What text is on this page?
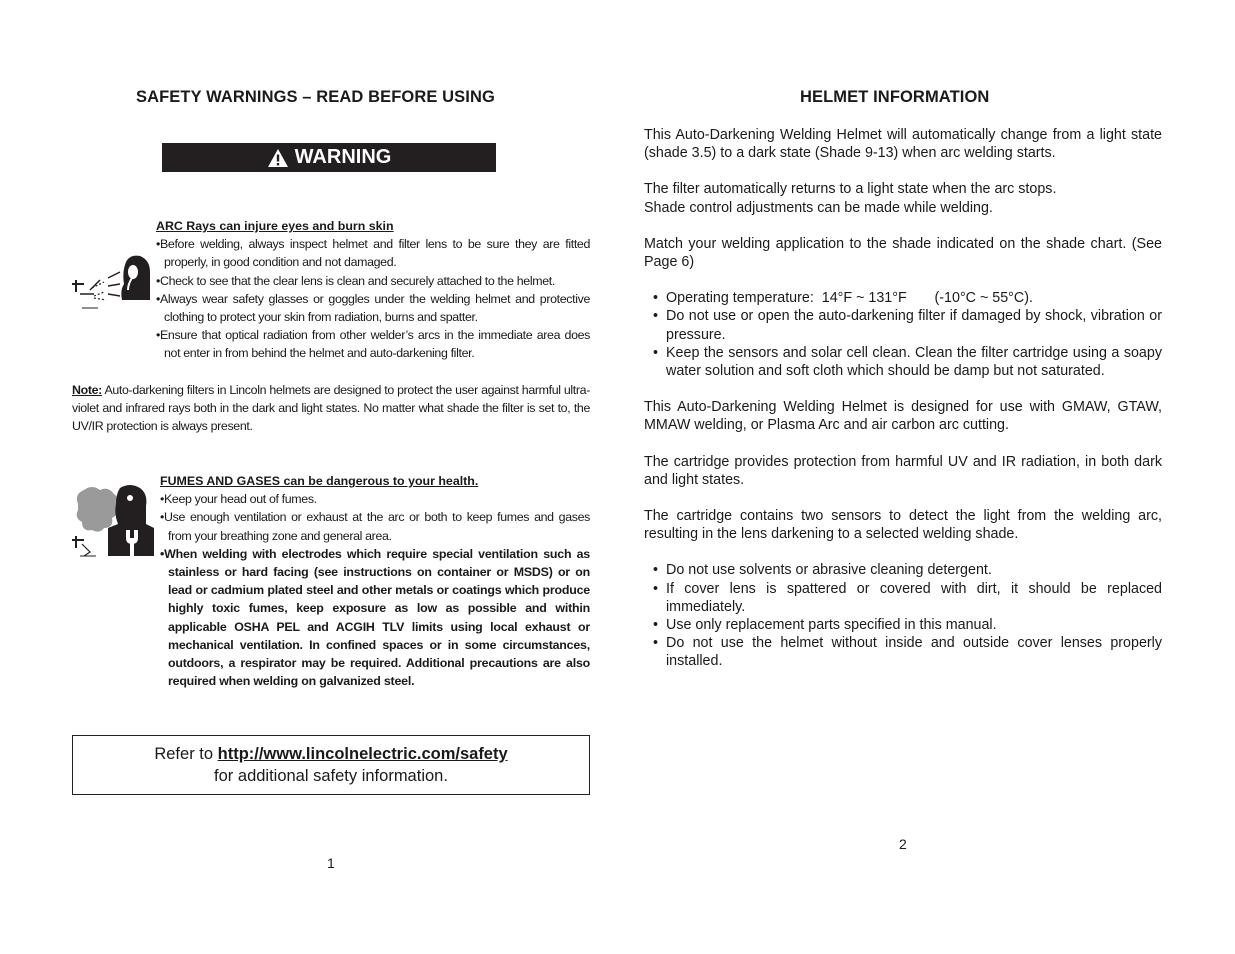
SAFETY WARNINGS – READ BEFORE USING
WARNING
ARC Rays can injure eyes and burn skin
• Before welding, always inspect helmet and filter lens to be sure they are fitted properly, in good condition and not damaged.
• Check to see that the clear lens is clean and securely attached to the helmet.
• Always wear safety glasses or goggles under the welding helmet and protective clothing to protect your skin from radiation, burns and spatter.
• Ensure that optical radiation from other welder’s arcs in the immediate area does not enter in from behind the helmet and auto-darkening filter.
Note: Auto-darkening filters in Lincoln helmets are designed to protect the user against harmful ultra-violet and infrared rays both in the dark and light states. No matter what shade the filter is set to, the UV/IR protection is always present.
FUMES AND GASES can be dangerous to your health.
• Keep your head out of fumes.
• Use enough ventilation or exhaust at the arc or both to keep fumes and gases from your breathing zone and general area.
• When welding with electrodes which require special ventilation such as stainless or hard facing (see instructions on container or MSDS) or on lead or cadmium plated steel and other metals or coatings which produce highly toxic fumes, keep exposure as low as possible and within applicable OSHA PEL and ACGIH TLV limits using local exhaust or mechanical ventilation. In confined spaces or in some circumstances, outdoors, a respirator may be required. Additional precautions are also required when welding on galvanized steel.
Refer to http://www.lincolnelectric.com/safety
for additional safety information.
1
HELMET INFORMATION

This Auto-Darkening Welding Helmet will automatically change from a light state (shade 3.5) to a dark state (Shade 9-13) when arc welding starts.

The filter automatically returns to a light state when the arc stops.

Shade control adjustments can be made while welding.

Match your welding application to the shade indicated on the shade chart. (See Page 6)

• Operating temperature:  14°F ~ 131°F       (-10°C ~ 55°C).
• Do not use or open the auto-darkening filter if damaged by shock, vibration or pressure.
• Keep the sensors and solar cell clean. Clean the filter cartridge using a soapy water solution and soft cloth which should be damp but not saturated.

This Auto-Darkening Welding Helmet is designed for use with GMAW, GTAW, MMAW welding, or Plasma Arc and air carbon arc cutting.

The cartridge provides protection from harmful UV and IR radiation, in both dark and light states.

The cartridge contains two sensors to detect the light from the welding arc, resulting in the lens darkening to a selected welding shade.

• Do not use solvents or abrasive cleaning detergent.
• If cover lens is spattered or covered with dirt, it should be replaced immediately.
• Use only replacement parts specified in this manual.
• Do not use the helmet without inside and outside cover lenses properly installed.
2
